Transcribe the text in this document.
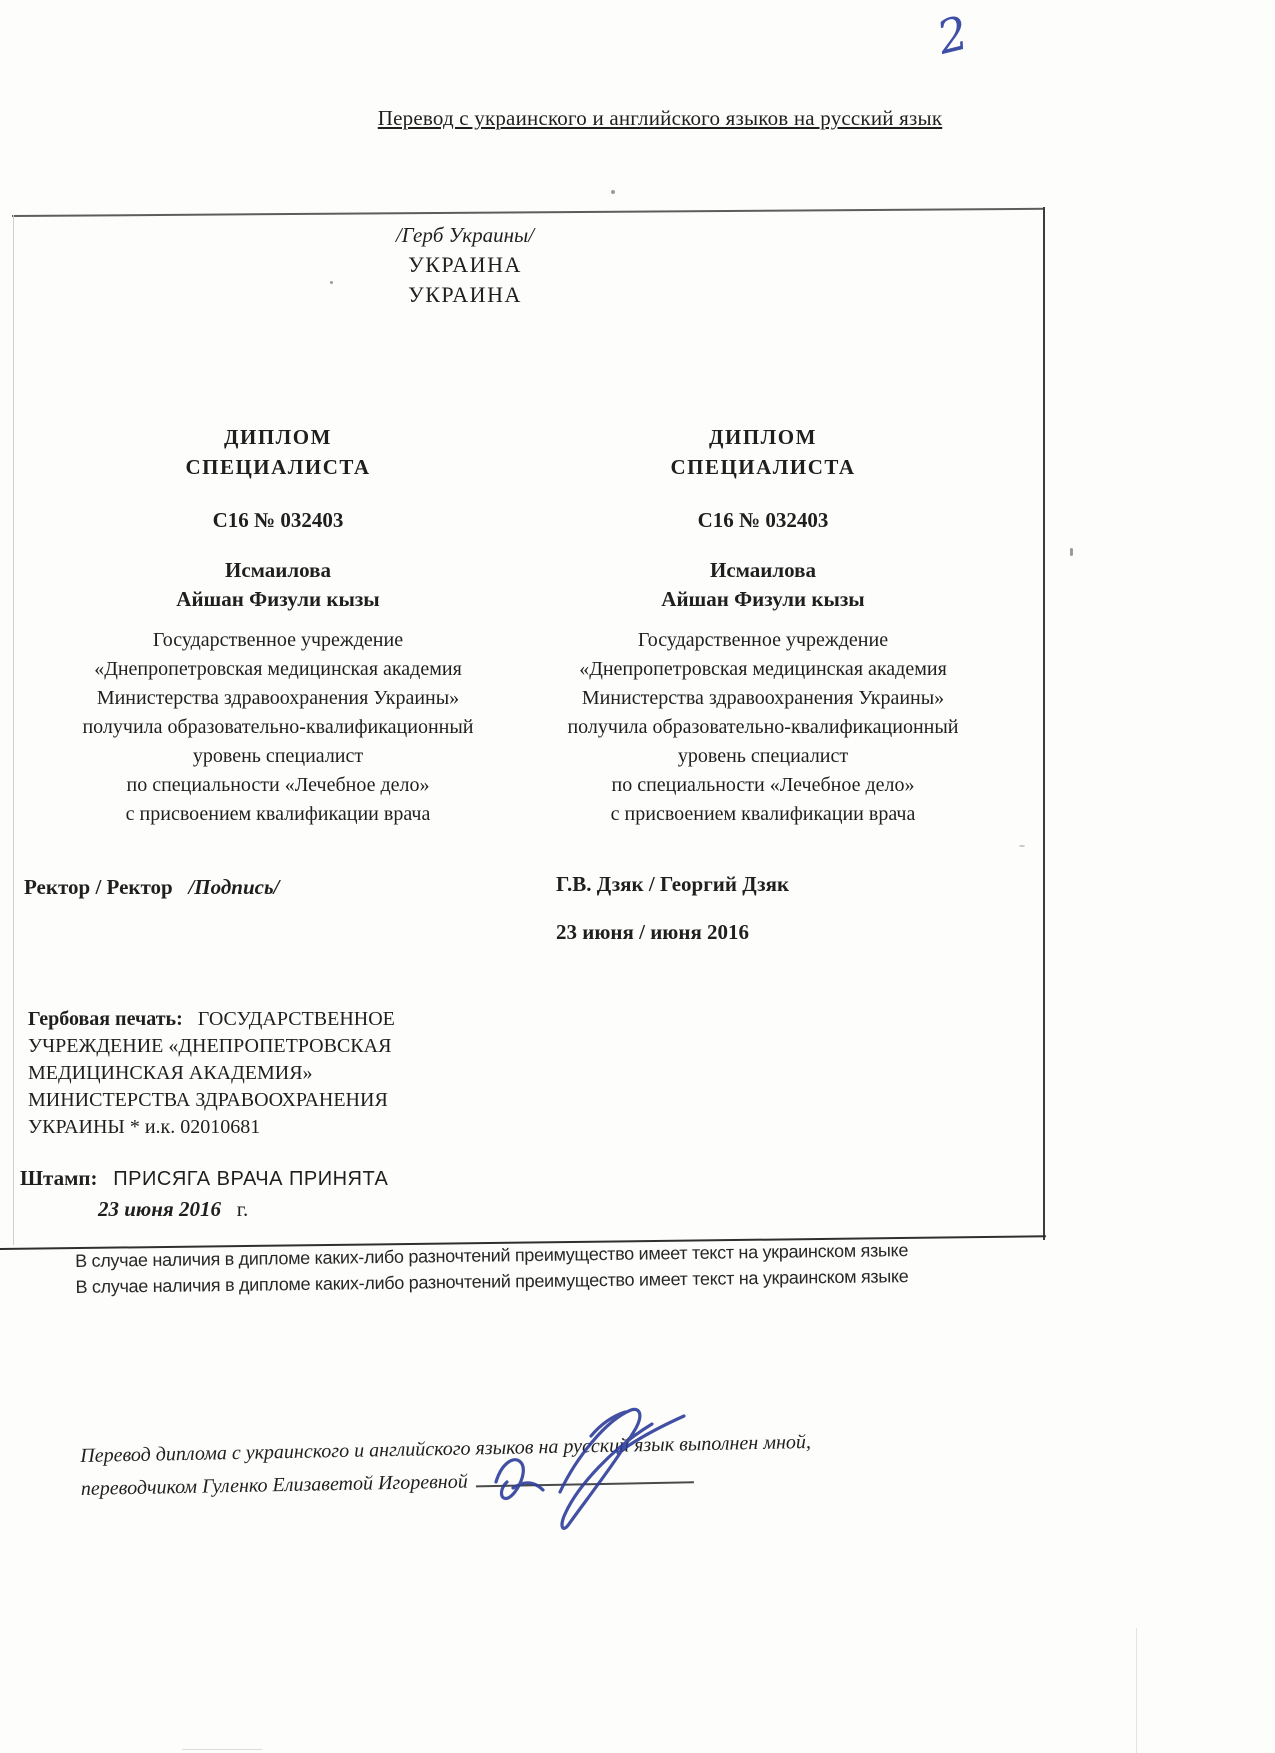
2
Перевод с украинского и английского языков на русский язык
/Герб Украины/
УКРАИНА
УКРАИНА
ДИПЛОМ
СПЕЦИАЛИСТА
С16 № 032403
Исмаилова
Айшан Физули кызы
Государственное учреждение
«Днепропетровская медицинская академия
Министерства здравоохранения Украины»
получила образовательно-квалификационный
уровень специалист
по специальности «Лечебное дело»
с присвоением квалификации врача
ДИПЛОМ
СПЕЦИАЛИСТА
С16 № 032403
Исмаилова
Айшан Физули кызы
Государственное учреждение
«Днепропетровская медицинская академия
Министерства здравоохранения Украины»
получила образовательно-квалификационный
уровень специалист
по специальности «Лечебное дело»
с присвоением квалификации врача
Ректор / Ректор /Подпись/	Г.В. Дзяк / Георгий Дзяк
23 июня / июня 2016
Гербовая печать: ГОСУДАРСТВЕННОЕ УЧРЕЖДЕНИЕ «ДНЕПРОПЕТРОВСКАЯ МЕДИЦИНСКАЯ АКАДЕМИЯ» МИНИСТЕРСТВА ЗДРАВООХРАНЕНИЯ УКРАИНЫ * и.к. 02010681
Штамп: ПРИСЯГА ВРАЧА ПРИНЯТА
23 июня 2016 г.
В случае наличия в дипломе каких-либо разночтений преимущество имеет текст на украинском языке
В случае наличия в дипломе каких-либо разночтений преимущество имеет текст на украинском языке
Перевод диплома с украинского и английского языков на русский язык выполнен мной,
переводчиком Гуленко Елизаветой Игоревной
